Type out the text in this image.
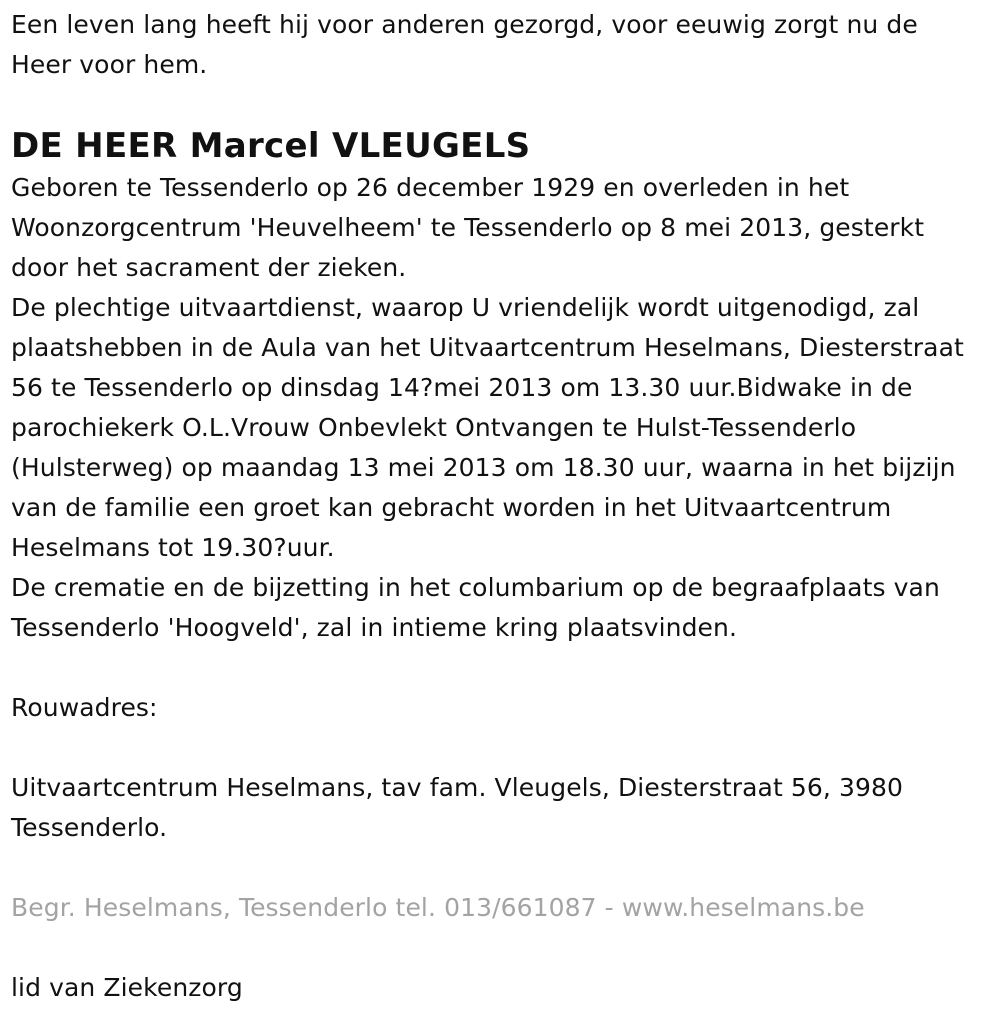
Een leven lang heeft hij voor anderen gezorgd, voor eeuwig zorgt nu de Heer voor hem.

DE HEER Marcel VLEUGELS

Geboren te Tessenderlo op 26 december 1929 en overleden in het Woonzorgcentrum 'Heuvelheem' te Tessenderlo op 8 mei 2013, gesterkt door het sacrament der zieken.

De plechtige uitvaartdienst, waarop U vriendelijk wordt uitgenodigd, zal plaatshebben in de Aula van het Uitvaartcentrum Heselmans, Diesterstraat 56 te Tessenderlo op dinsdag 14?mei 2013 om 13.30 uur.Bidwake in de parochiekerk O.L.Vrouw Onbevlekt Ontvangen te Hulst-Tessenderlo (Hulsterweg) op maandag 13 mei 2013 om 18.30 uur, waarna in het bijzijn van de familie een groet kan gebracht worden in het Uitvaartcentrum Heselmans tot 19.30?uur.

De crematie en de bijzetting in het columbarium op de begraafplaats van Tessenderlo 'Hoogveld', zal in intieme kring plaatsvinden.

Rouwadres:

Uitvaartcentrum Heselmans, tav fam. Vleugels, Diesterstraat 56, 3980 Tessenderlo.

Begr. Heselmans, Tessenderlo tel. 013/661087 - www.heselmans.be

lid van Ziekenzorg
